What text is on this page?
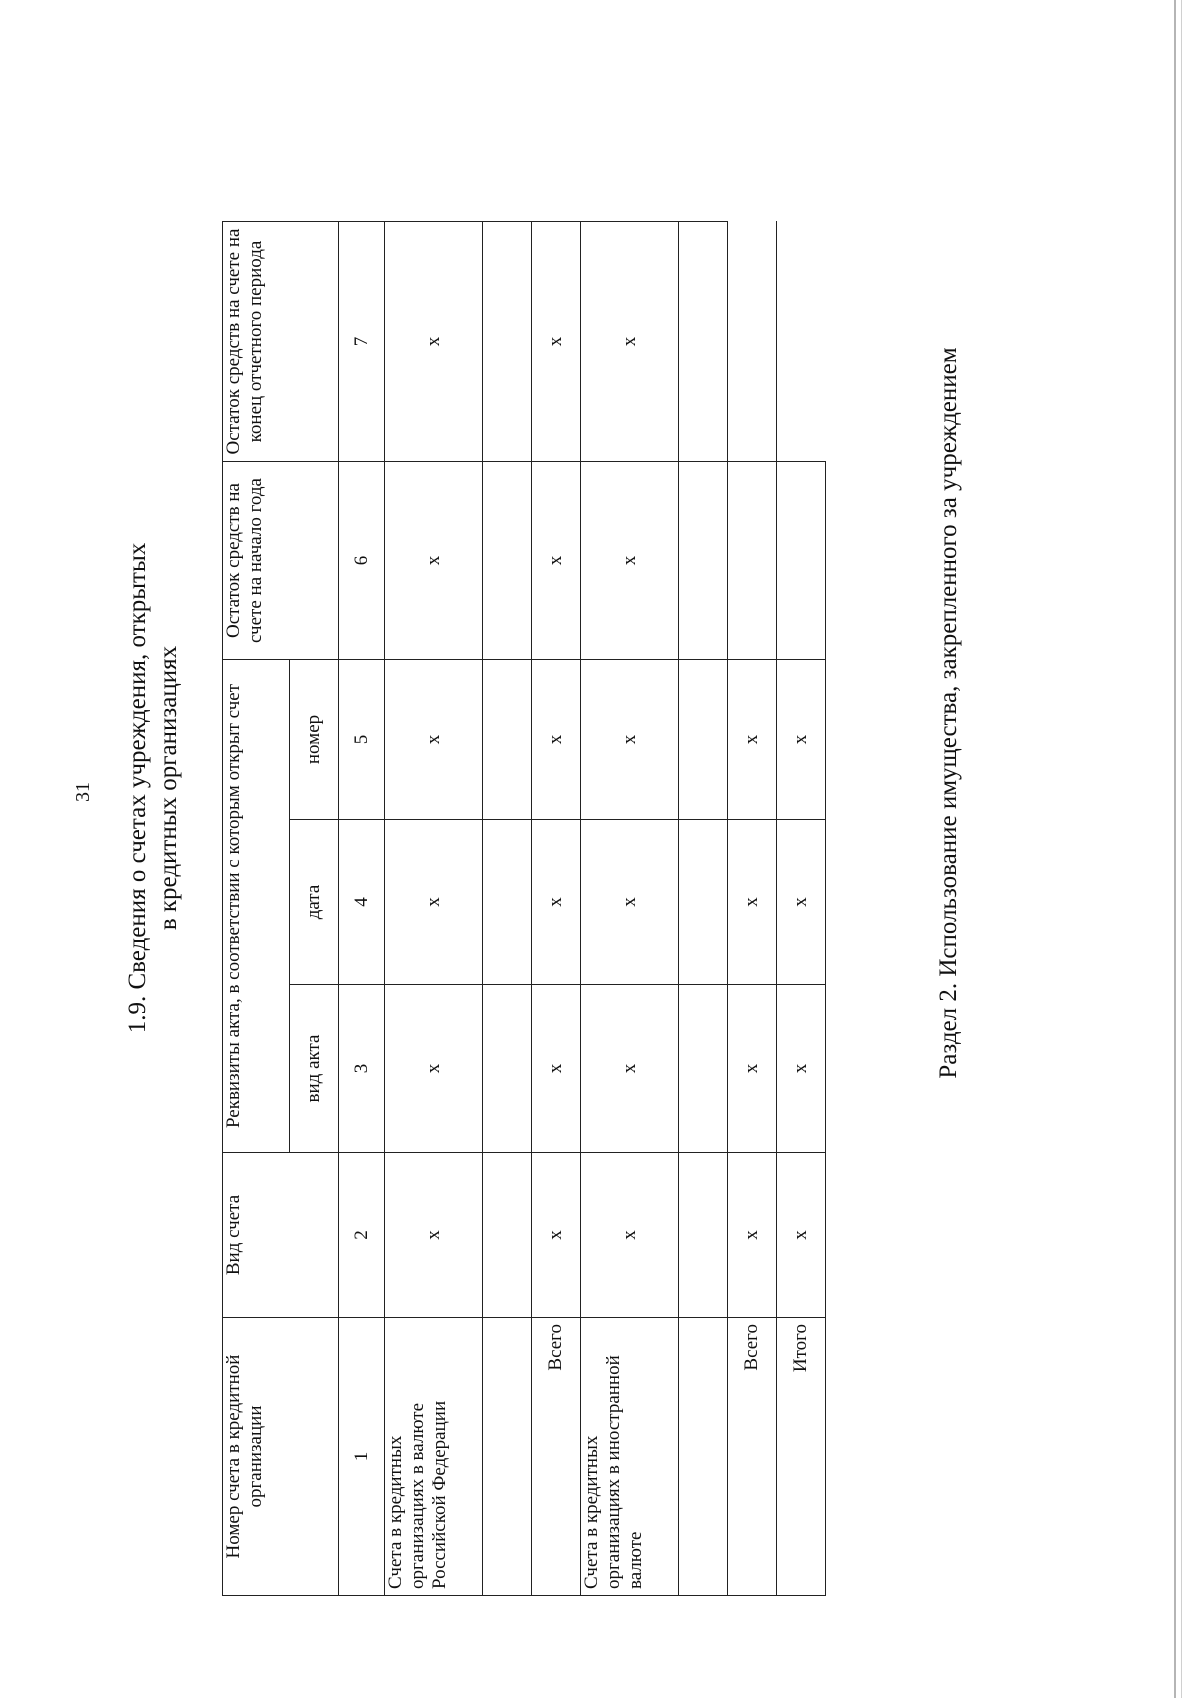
31 1.9. Сведения о счетах учреждения, открытых в кредитных организациях
Номер счета в кредитной организации	Вид счета	Реквизиты акта, в соответствии с которым открыт счет			Остаток средств на счете на начало года	Остаток средств на счете на конец отчетного периода
		вид акта	дата	номер		
1	2	3	4	5	6	7
Счета в кредитных организациях в валюте Российской Федерации	x	x	x	x	x	x

Всего	x	x	x	x	x	x
Счета в кредитных организациях в иностранной валюте	x	x	x	x	x	x

Всего	x	x	x	x		
Итого	x	x	x	x			Раздел 2. Использование имущества, закрепленного за учреждением
